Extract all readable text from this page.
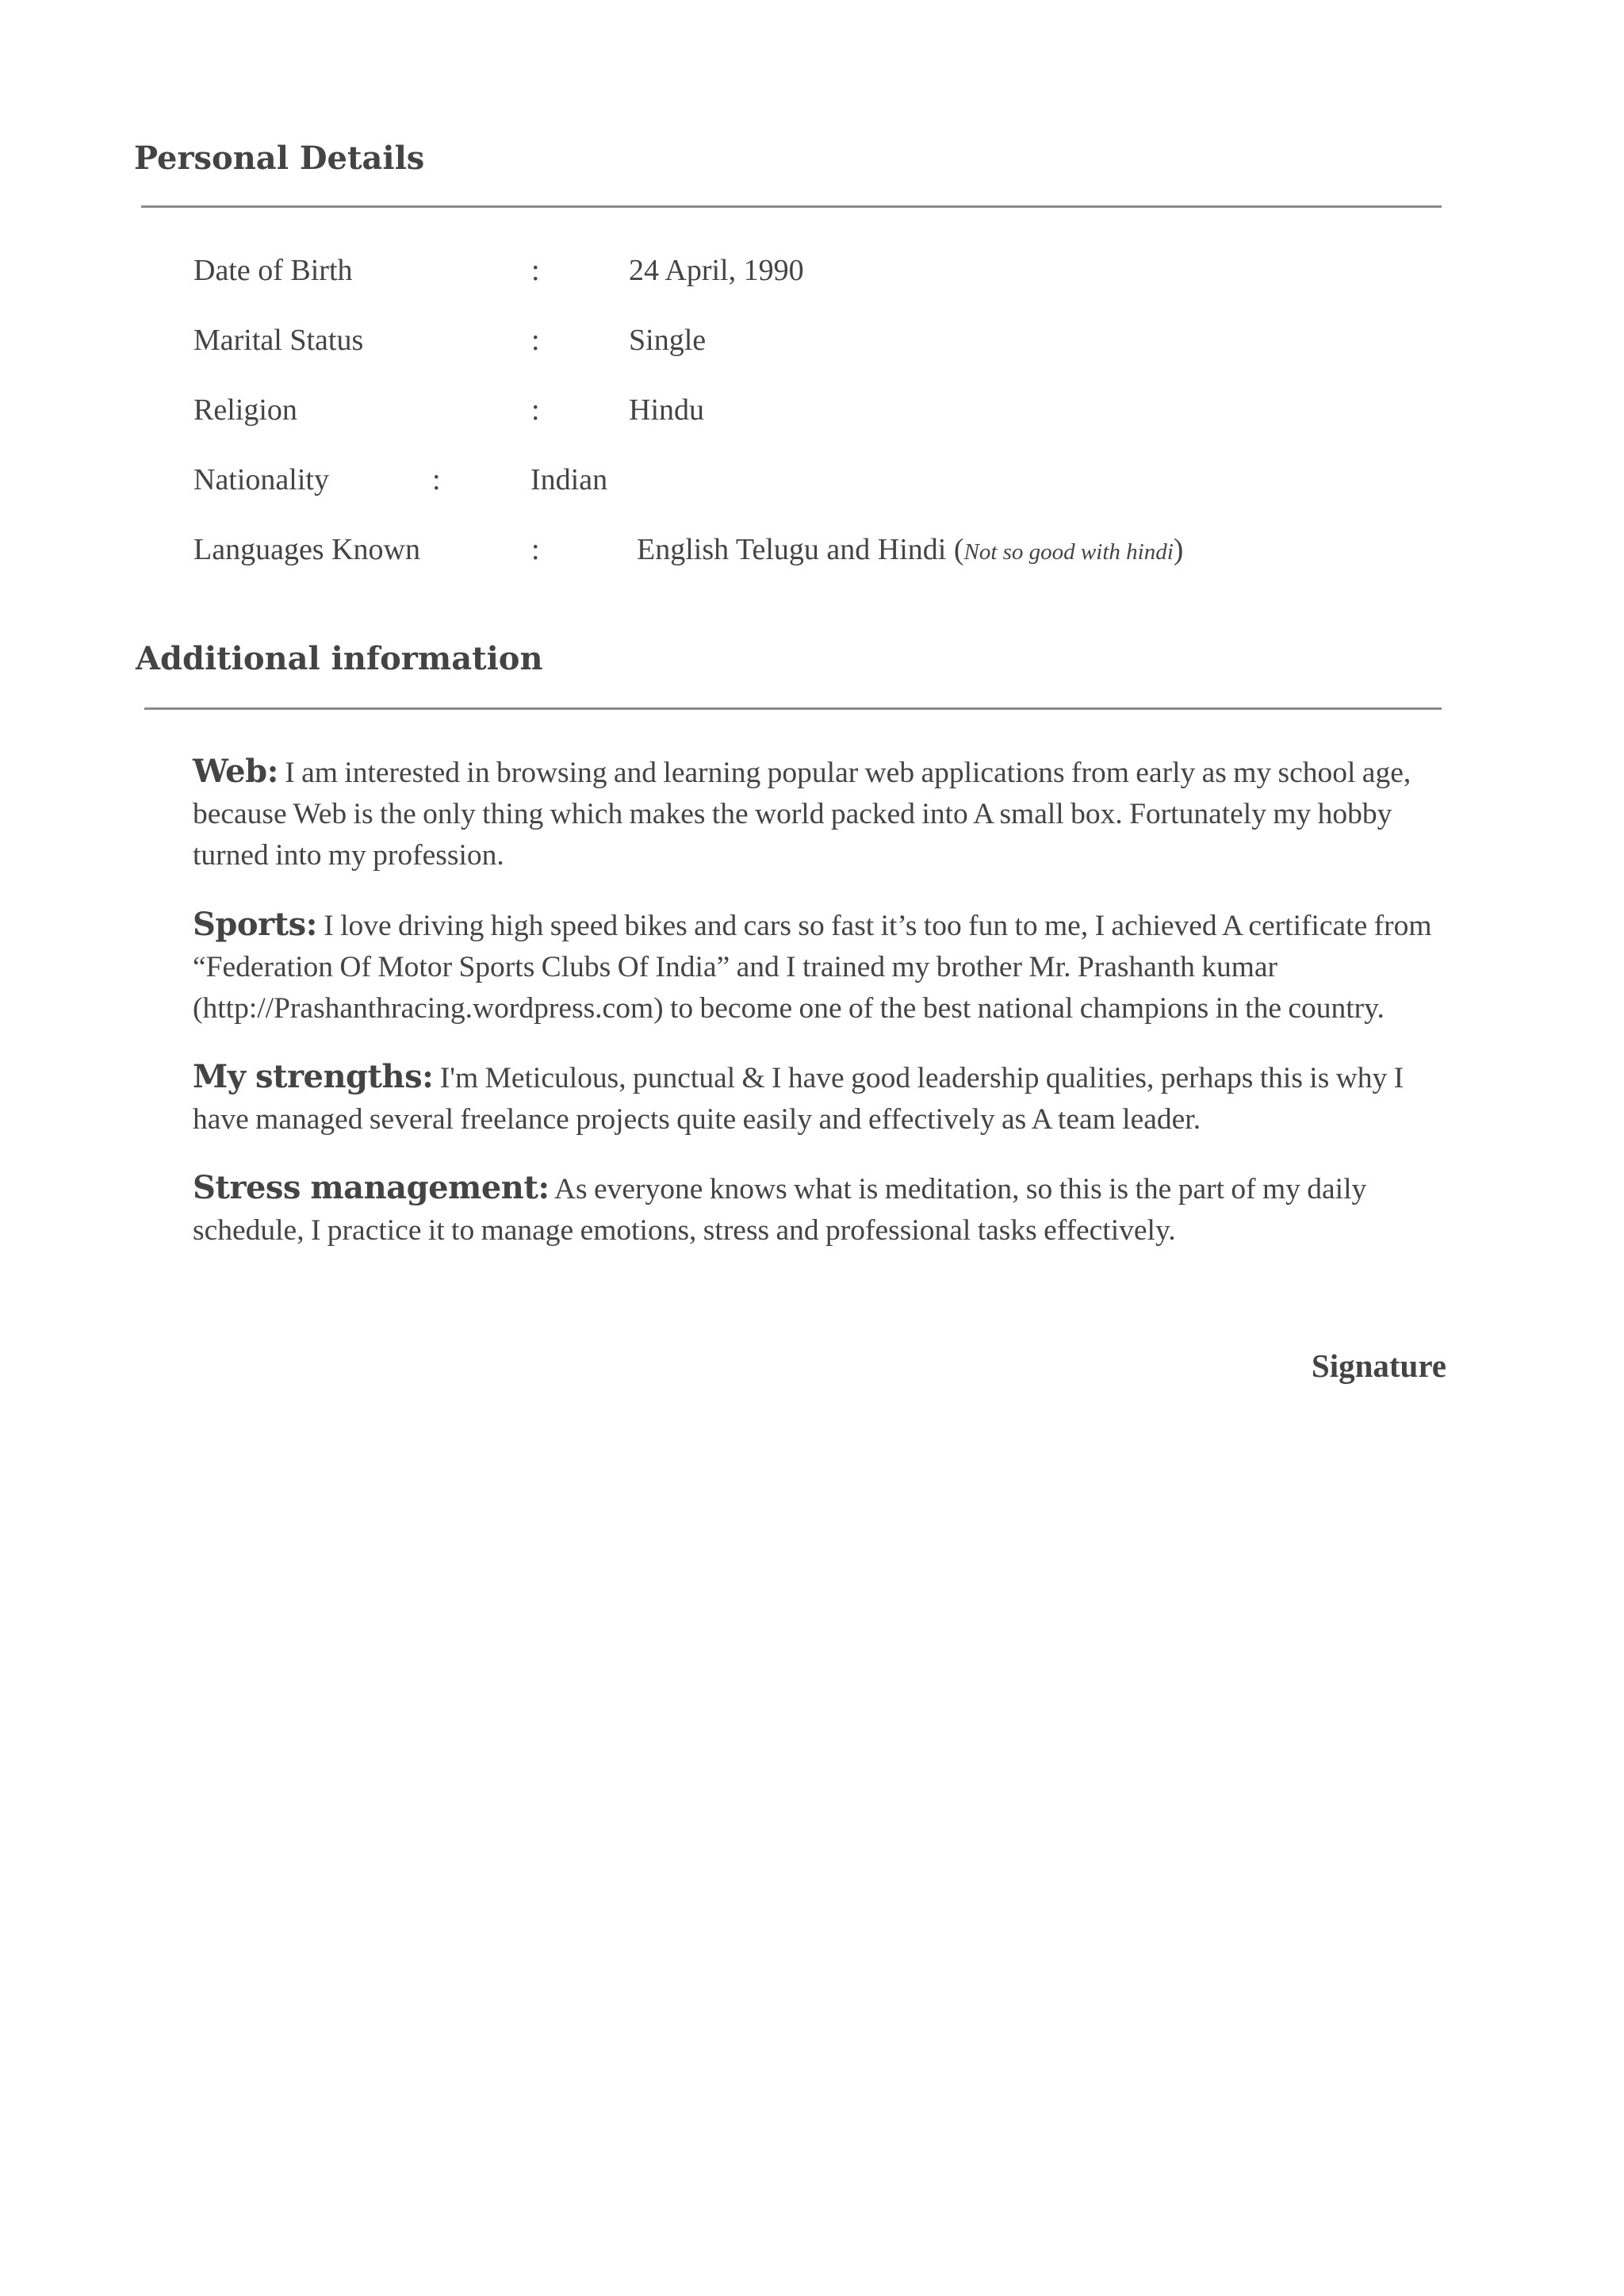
Personal Details
Date of Birth	:	24 April, 1990
Marital Status	:	Single
Religion	:	Hindu
Nationality	:	Indian
Languages Known	:	English Telugu and Hindi (Not so good with hindi)
Additional information

Web: I am interested in browsing and learning popular web applications from early as my school age, because Web is the only thing which makes the world packed into A small box. Fortunately my hobby turned into my profession.

Sports: I love driving high speed bikes and cars so fast it’s too fun to me, I achieved A certificate from “Federation Of Motor Sports Clubs Of India” and I trained my brother Mr. Prashanth kumar (http://Prashanthracing.wordpress.com) to become one of the best national champions in the country.

My strengths: I'm Meticulous, punctual & I have good leadership qualities, perhaps this is why I have managed several freelance projects quite easily and effectively as A team leader.

Stress management: As everyone knows what is meditation, so this is the part of my daily schedule, I practice it to manage emotions, stress and professional tasks effectively.

Signature
